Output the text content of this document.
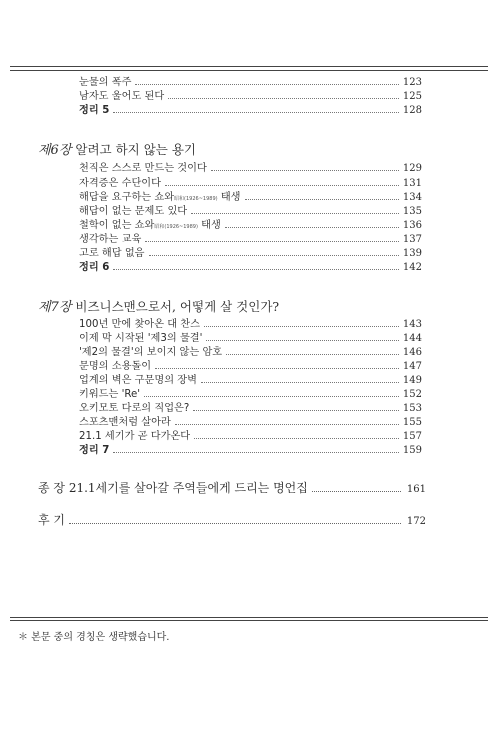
눈물의 폭주	123
남자도 울어도 된다	125
정리 5	128
제6장 알려고 하지 않는 용기
천직은 스스로 만드는 것이다	129
자격증은 수단이다	131
해답을 요구하는 쇼와昭和(1926~1989) 태생	134
해답이 없는 문제도 있다	135
철학이 없는 쇼와昭和(1926~1989) 태생	136
생각하는 교육	137
고로 해답 없음	139
정리 6	142
제7장 비즈니스맨으로서, 어떻게 살 것인가?
100년 만에 찾아온 대 찬스	143
이제 막 시작된 '제3의 물결'	144
'제2의 물결'의 보이지 않는 암호	146
문명의 소용돌이	147
업계의 벽은 구문명의 장벽	149
키워드는 'Re'	152
오키모토 다로의 직업은?	153
스포츠맨처럼 살아라	155
21.1 세기가 곧 다가온다	157
정리 7	159
종 장 21.1세기를 살아갈 주역들에게 드리는 명언집	161
후 기	172
＊ 본문 중의 경칭은 생략했습니다.
